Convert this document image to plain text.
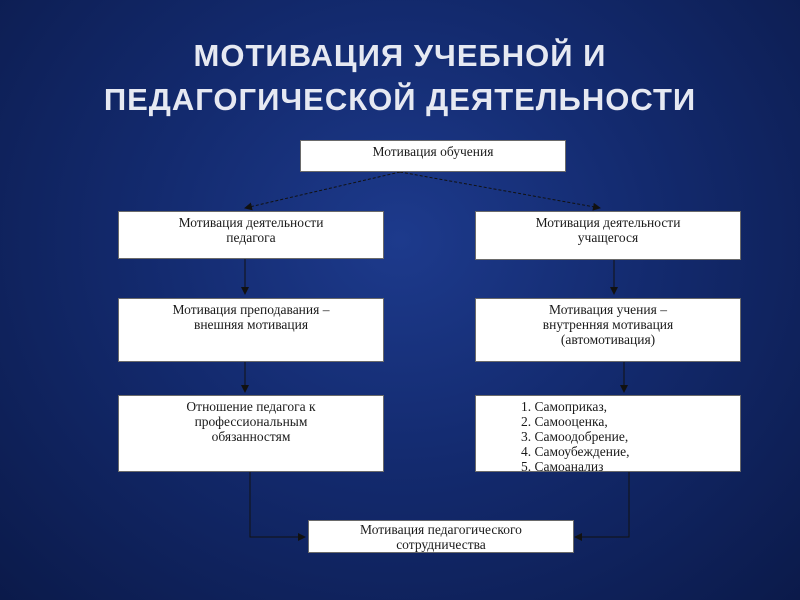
МОТИВАЦИЯ УЧЕБНОЙ И
ПЕДАГОГИЧЕСКОЙ ДЕЯТЕЛЬНОСТИ
Мотивация обучения
Мотивация деятельности
педагога
Мотивация деятельности
учащегося
Мотивация преподавания –
внешняя мотивация
Мотивация учения –
внутренняя мотивация
(автомотивация)
Отношение педагога к
профессиональным
обязанностям
1. Самоприказ,
2. Самооценка,
3. Самоодобрение,
4. Самоубеждение,
5. Самоанализ
Мотивация педагогического
сотрудничества
